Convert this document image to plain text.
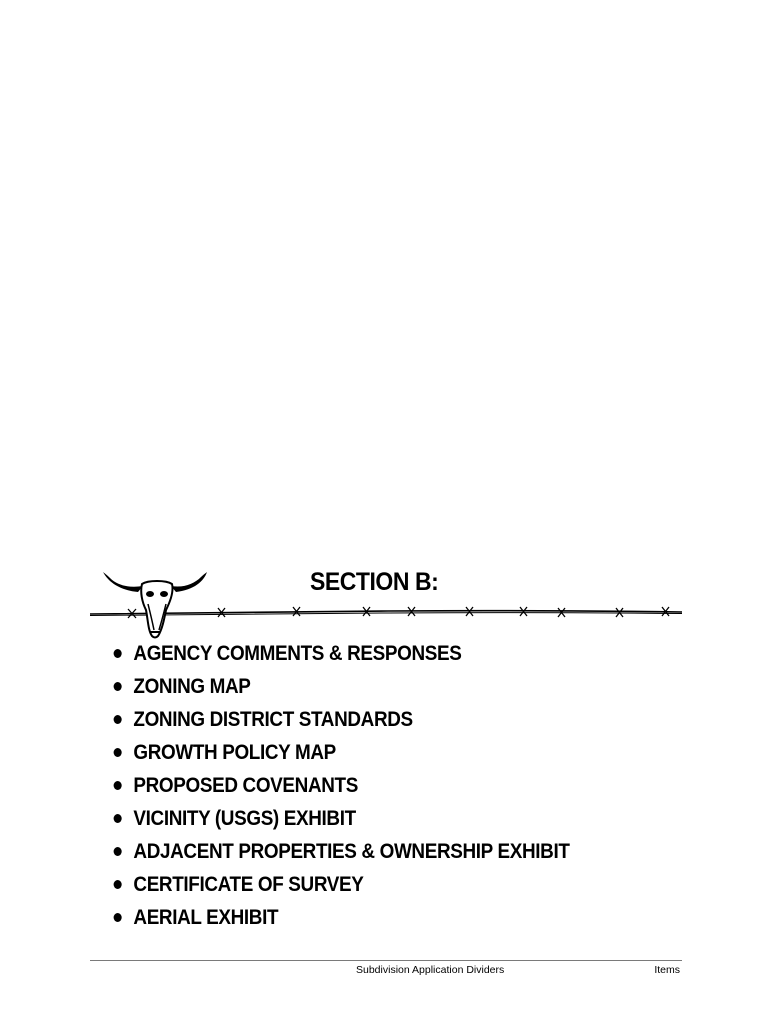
SECTION B:
AGENCY COMMENTS & RESPONSES
ZONING MAP
ZONING DISTRICT STANDARDS
GROWTH POLICY MAP
PROPOSED COVENANTS
VICINITY (USGS) EXHIBIT
ADJACENT PROPERTIES & OWNERSHIP EXHIBIT
CERTIFICATE OF SURVEY
AERIAL EXHIBIT
Subdivision Application Dividers	Items
